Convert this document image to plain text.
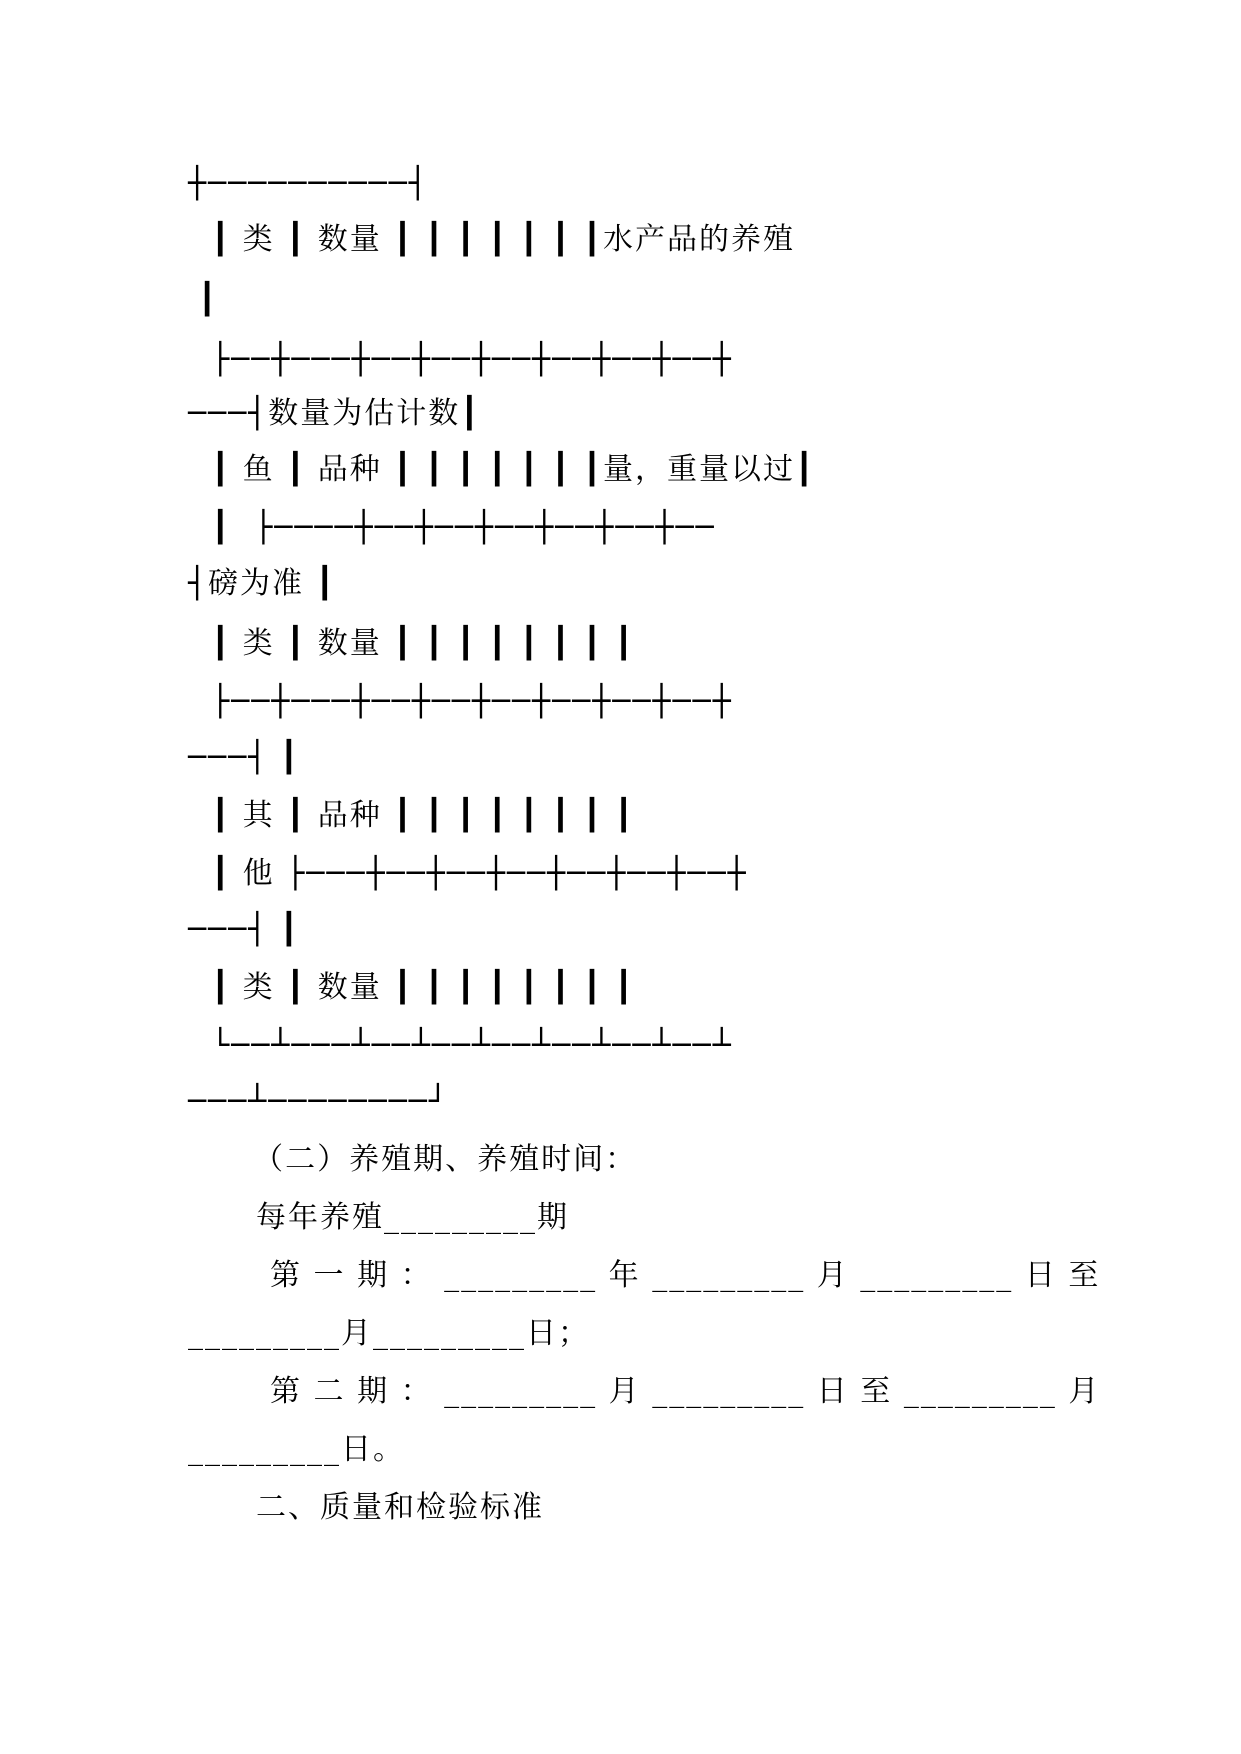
┼──────────┤
┃ 类 ┃ 数量 ┃ ┃ ┃ ┃ ┃ ┃ ┃水产品的养殖
┃
├──┼───┼──┼──┼──┼──┼──┼──┼
───┤数量为估计数┃
┃ 鱼 ┃ 品种 ┃ ┃ ┃ ┃ ┃ ┃ ┃量，重量以过┃
┃  ├────┼──┼──┼──┼──┼──┼──
┤磅为准 ┃
┃ 类 ┃ 数量 ┃ ┃ ┃ ┃ ┃ ┃ ┃ ┃
├──┼───┼──┼──┼──┼──┼──┼──┼
───┤ ┃
┃ 其 ┃ 品种 ┃ ┃ ┃ ┃ ┃ ┃ ┃ ┃
┃ 他 ├───┼──┼──┼──┼──┼──┼──┼
───┤ ┃
┃ 类 ┃ 数量 ┃ ┃ ┃ ┃ ┃ ┃ ┃ ┃
└──┴───┴──┴──┴──┴──┴──┴──┴
───┴────────┘
（二）养殖期、养殖时间：
每年养殖_________期
第 一 期 ： _________ 年 _________ 月 _________ 日 至
_________月_________日；
第 二 期 ： _________ 月 _________ 日 至 _________ 月
_________日。
二、质量和检验标准
